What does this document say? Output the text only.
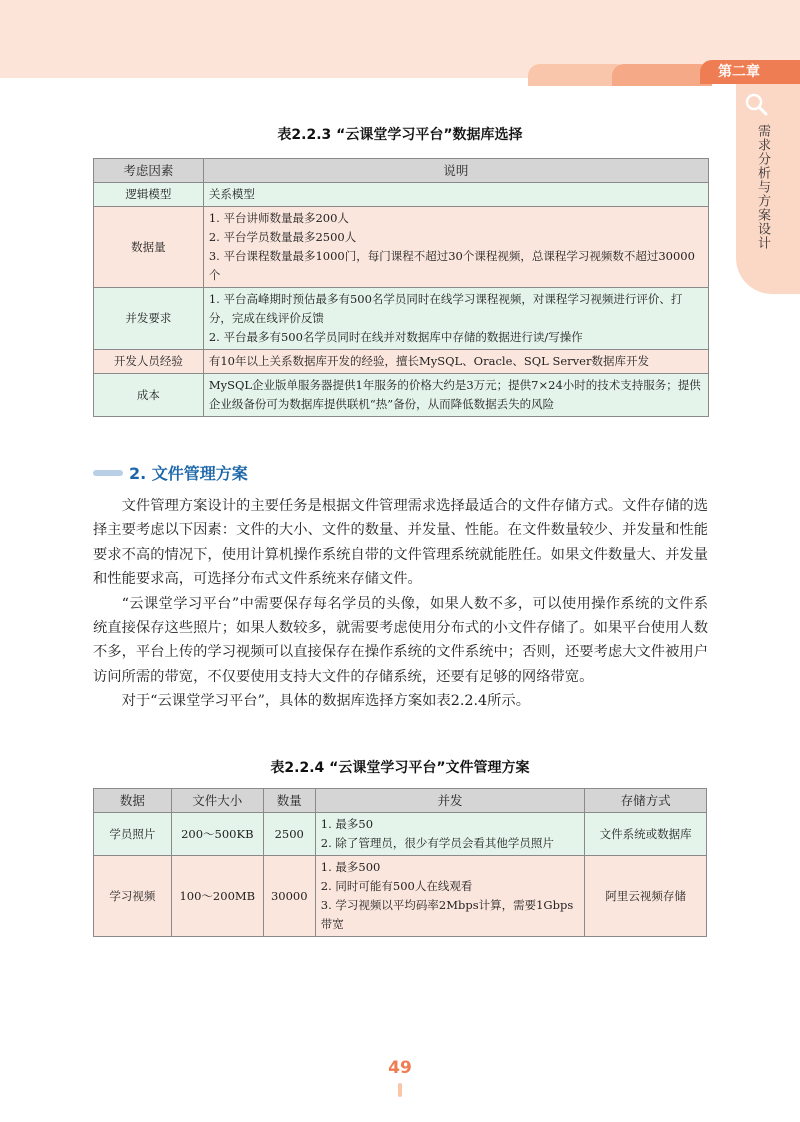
第二章
需求分析与方案设计
表2.2.3 “云课堂学习平台”数据库选择
考虑因素	说明
逻辑模型	关系模型

数据量	1. 平台讲师数量最多200人
2. 平台学员数量最多2500人
3. 平台课程数量最多1000门，每门课程不超过30个课程视频，总课程学习视频数不超过30000个

并发要求	1. 平台高峰期时预估最多有500名学员同时在线学习课程视频，对课程学习视频进行评价、打分，完成在线评价反馈
2. 平台最多有500名学员同时在线并对数据库中存储的数据进行读/写操作

开发人员经验	有10年以上关系数据库开发的经验，擅长MySQL、Oracle、SQL Server数据库开发

成本	MySQL企业版单服务器提供1年服务的价格大约是3万元；提供7×24小时的技术支持服务；提供企业级备份可为数据库提供联机“热”备份，从而降低数据丢失的风险
2. 文件管理方案

文件管理方案设计的主要任务是根据文件管理需求选择最适合的文件存储方式。文件存储的选择主要考虑以下因素：文件的大小、文件的数量、并发量、性能。在文件数量较少、并发量和性能要求不高的情况下，使用计算机操作系统自带的文件管理系统就能胜任。如果文件数量大、并发量和性能要求高，可选择分布式文件系统来存储文件。

“云课堂学习平台”中需要保存每名学员的头像，如果人数不多，可以使用操作系统的文件系统直接保存这些照片；如果人数较多，就需要考虑使用分布式的小文件存储了。如果平台使用人数不多，平台上传的学习视频可以直接保存在操作系统的文件系统中；否则，还要考虑大文件被用户访问所需的带宽，不仅要使用支持大文件的存储系统，还要有足够的网络带宽。

对于“云课堂学习平台”，具体的数据库选择方案如表2.2.4所示。

表2.2.4 “云课堂学习平台”文件管理方案
数据	文件大小	数量	并发	存储方式
学员照片	200～500KB	2500	1. 最多50
2. 除了管理员，很少有学员会看其他学员照片	文件系统或数据库
学习视频	100～200MB	30000	1. 最多500
2. 同时可能有500人在线观看
3. 学习视频以平均码率2Mbps计算，需要1Gbps带宽	阿里云视频存储
49
